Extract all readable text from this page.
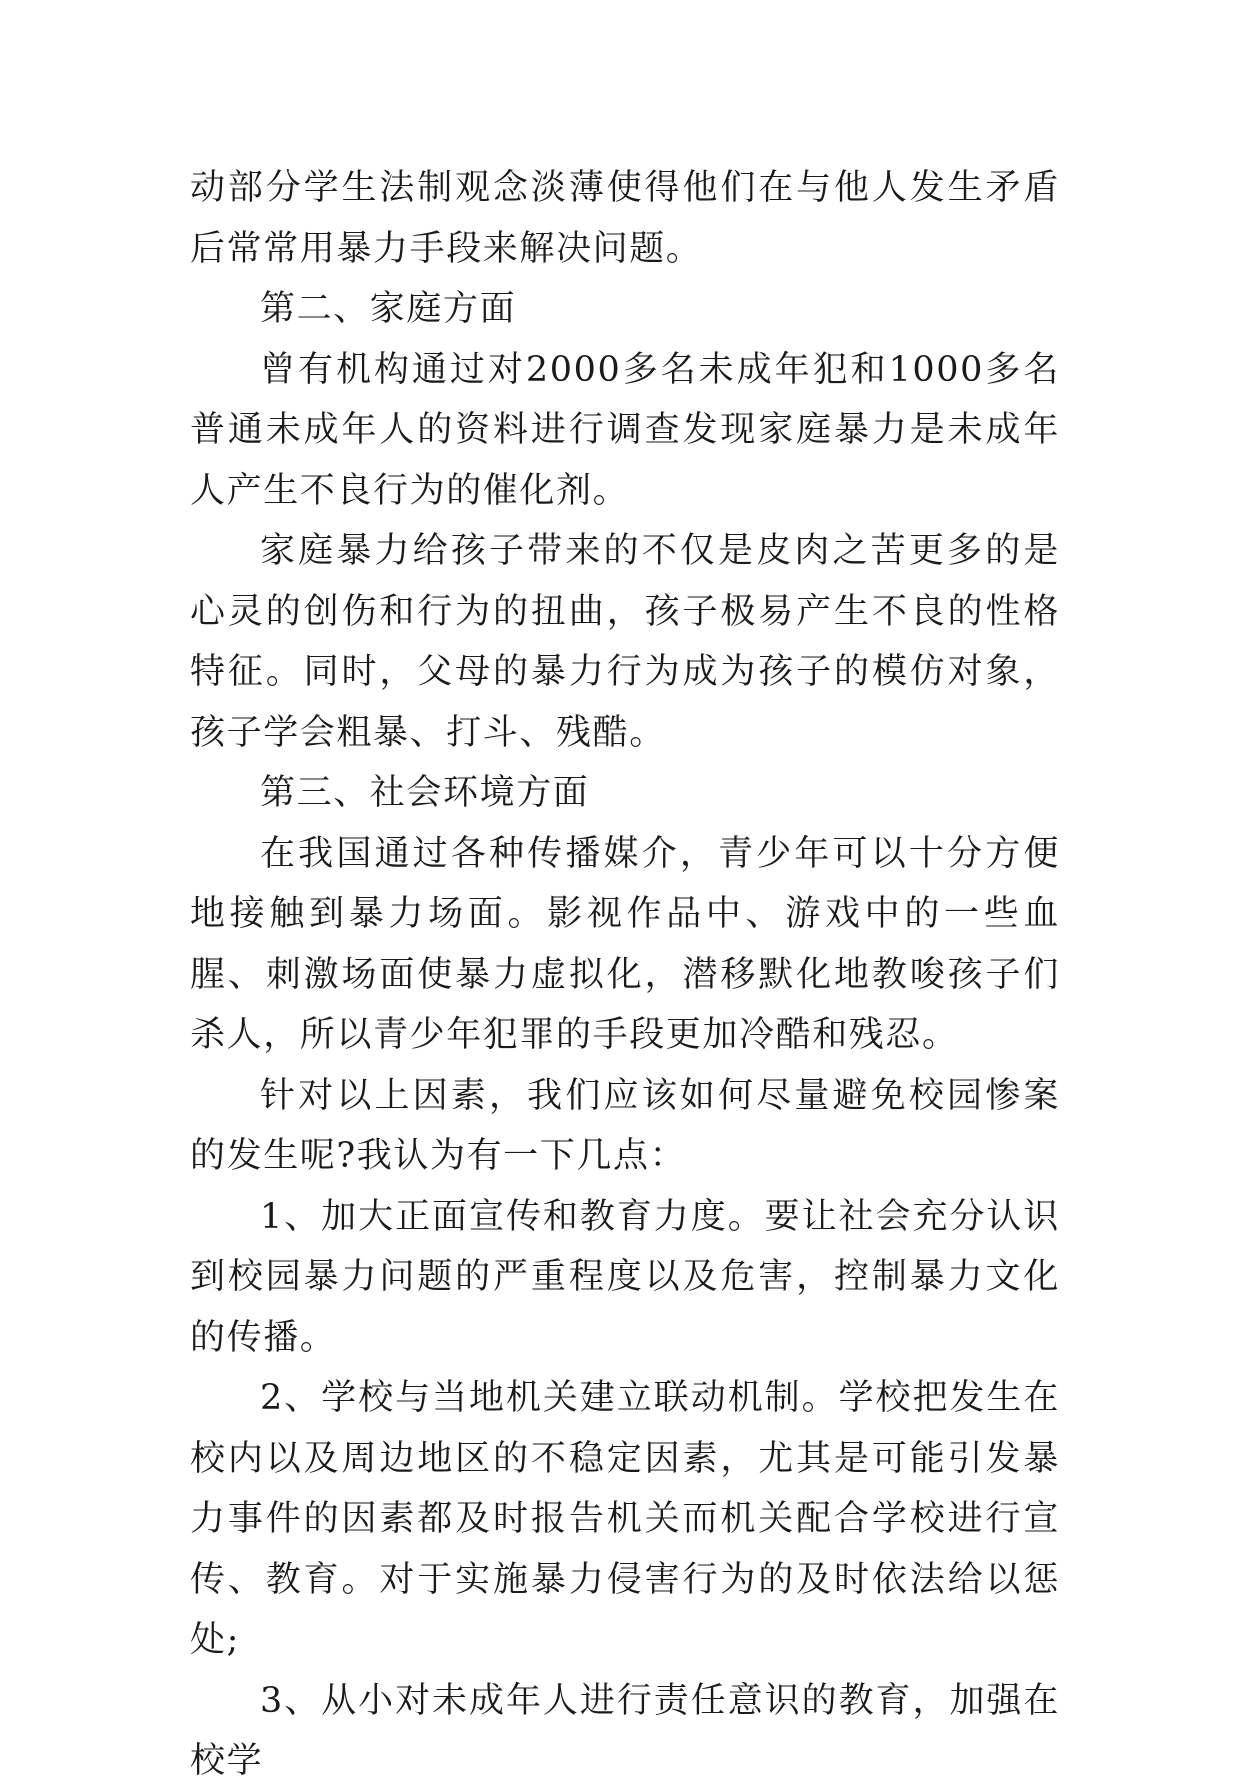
动部分学生法制观念淡薄使得他们在与他人发生矛盾后常常用暴力手段来解决问题。

第二、家庭方面

曾有机构通过对2000多名未成年犯和1000多名普通未成年人的资料进行调查发现家庭暴力是未成年人产生不良行为的催化剂。

家庭暴力给孩子带来的不仅是皮肉之苦更多的是心灵的创伤和行为的扭曲，孩子极易产生不良的性格特征。同时，父母的暴力行为成为孩子的模仿对象，孩子学会粗暴、打斗、残酷。

第三、社会环境方面

在我国通过各种传播媒介，青少年可以十分方便地接触到暴力场面。影视作品中、游戏中的一些血腥、刺激场面使暴力虚拟化，潜移默化地教唆孩子们杀人，所以青少年犯罪的手段更加冷酷和残忍。

针对以上因素，我们应该如何尽量避免校园惨案的发生呢?我认为有一下几点：

1、加大正面宣传和教育力度。要让社会充分认识到校园暴力问题的严重程度以及危害，控制暴力文化的传播。

2、学校与当地机关建立联动机制。学校把发生在校内以及周边地区的不稳定因素，尤其是可能引发暴力事件的因素都及时报告机关而机关配合学校进行宣传、教育。对于实施暴力侵害行为的及时依法给以惩处;

3、从小对未成年人进行责任意识的教育，加强在校学
